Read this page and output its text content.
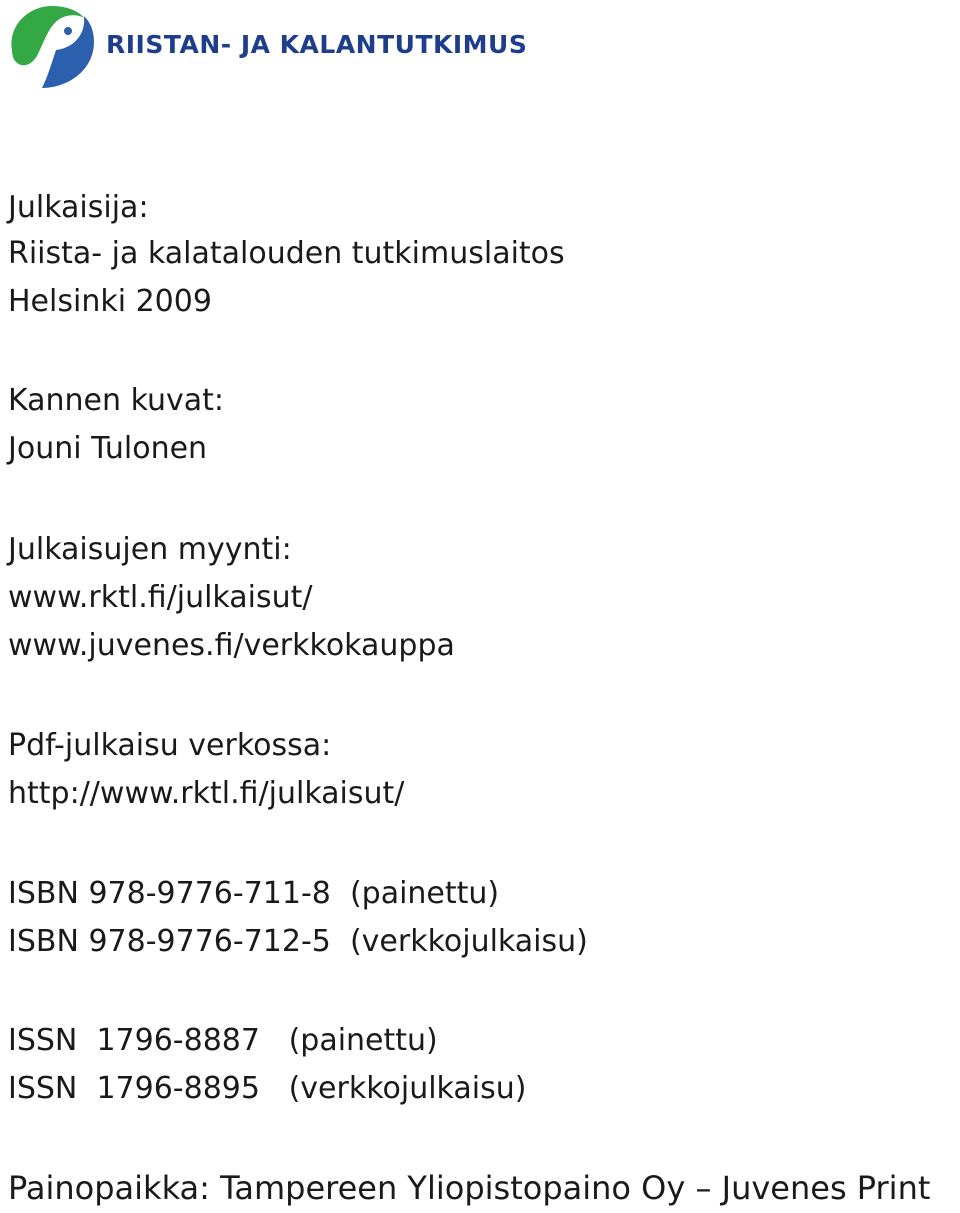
RIISTAN- JA KALANTUTKIMUS

Julkaisija:

Riista- ja kalatalouden tutkimuslaitos

Helsinki 2009

Kannen kuvat:

Jouni Tulonen

Julkaisujen myynti:

www.rktl.fi/julkaisut/

www.juvenes.fi/verkkokauppa

Pdf-julkaisu verkossa:

http://www.rktl.fi/julkaisut/

ISBN 978-9776-711-8  (painettu)

ISBN 978-9776-712-5  (verkkojulkaisu)

ISSN  1796-8887   (painettu)

ISSN  1796-8895   (verkkojulkaisu)

Painopaikka: Tampereen Yliopistopaino Oy – Juvenes Print
